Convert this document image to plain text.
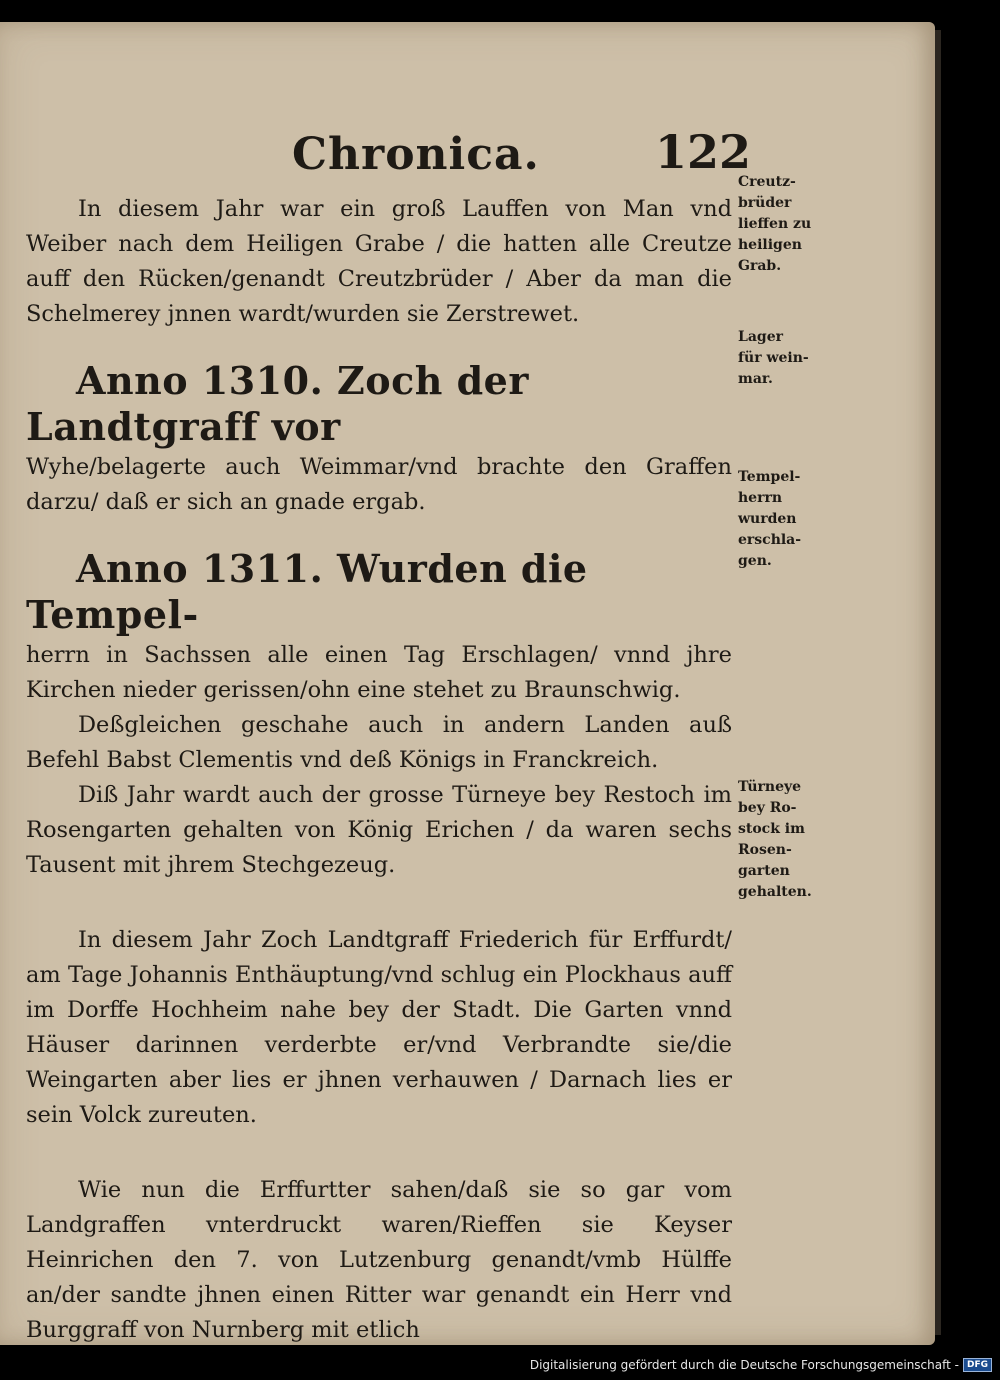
Chronica.	122

In diesem Jahr war ein groß Lauffen von Man vnd Weiber nach dem Heiligen Grabe / die hatten alle Creutze auff den Rücken/genandt Creutzbrüder / Aber da man die Schelmerey jnnen wardt/wurden sie Zerstrewet.

Anno 1310. Zoch der Landtgraff vor

Wyhe/belagerte auch Weimmar/vnd brachte den Graffen darzu/ daß er sich an gnade ergab.

Anno 1311. Wurden die Tempel-

herrn in Sachssen alle einen Tag Erschlagen/ vnnd jhre Kirchen nieder gerissen/ohn eine stehet zu Braunschwig.

Deßgleichen geschahe auch in andern Landen auß Befehl Babst Clementis vnd deß Königs in Franckreich.

Diß Jahr wardt auch der grosse Türneye bey Restoch im Rosengarten gehalten von König Erichen / da waren sechs Tausent mit jhrem Stechgezeug.

In diesem Jahr Zoch Landtgraff Friederich für Erffurdt/ am Tage Johannis Enthäuptung/vnd schlug ein Plockhaus auff im Dorffe Hochheim nahe bey der Stadt. Die Garten vnnd Häuser darinnen verderbte er/vnd Verbrandte sie/die Weingarten aber lies er jhnen verhauwen / Darnach lies er sein Volck zureuten.

Wie nun die Erffurtter sahen/daß sie so gar vom Landgraffen vnterdruckt waren/Rieffen sie Keyser Heinrichen den 7. von Lutzenburg genandt/vmb Hülffe an/der sandte jhnen einen Ritter war genandt ein Herr vnd Burggraff von Nurnberg mit etlich

Creutz-

brüder

lieffen zu

heiligen

Grab.

Lager

für wein-

mar.

Tempel-

herrn

wurden

erschla-

gen.

Türneye

bey Ro-

stock im

Rosen-

garten

gehalten.

Digitalisierung gefördert durch die Deutsche Forschungsgemeinschaft - DFG
